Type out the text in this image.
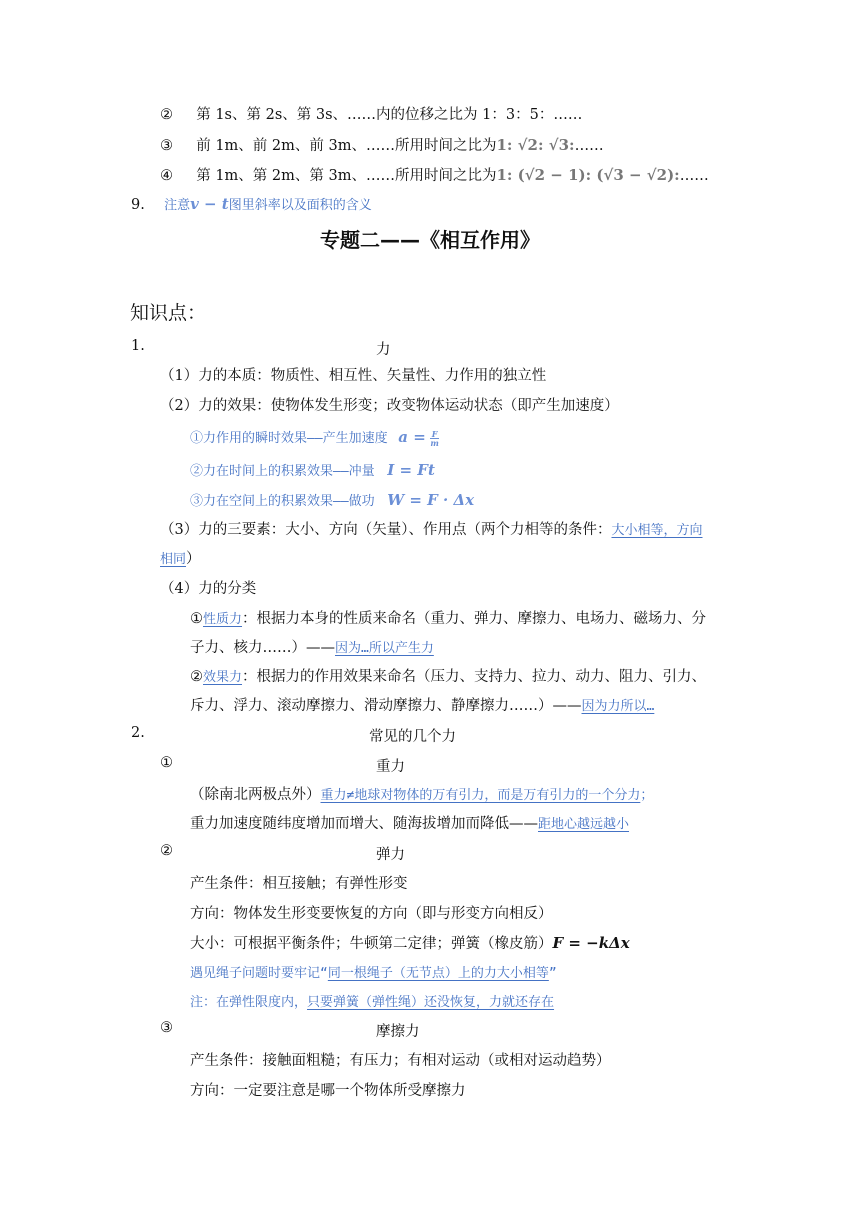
② 第 1s、第 2s、第 3s、……内的位移之比为 1：3：5：……
③ 前 1m、前 2m、前 3m、……所用时间之比为1: √2: √3:……
④ 第 1m、第 2m、第 3m、……所用时间之比为1: (√2 − 1): (√3 − √2):……
9. 注意v − t图里斜率以及面积的含义
专题二——《相互作用》
知识点：
1.	力
（1）力的本质：物质性、相互性、矢量性、力作用的独立性
（2）力的效果：使物体发生形变；改变物体运动状态（即产生加速度）
①力作用的瞬时效果——产生加速度 $a = \frac{F}{m}$
②力在时间上的积累效果——冲量 I = Ft
③力在空间上的积累效果——做功 W = F · Δx
（3）力的三要素：大小、方向（矢量）、作用点（两个力相等的条件：大小相等，方向
相同）
（4）力的分类
①性质力：根据力本身的性质来命名（重力、弹力、摩擦力、电场力、磁场力、分
子力、核力……）——因为…所以产生力
②效果力：根据力的作用效果来命名（压力、支持力、拉力、动力、阻力、引力、
斥力、浮力、滚动摩擦力、滑动摩擦力、静摩擦力……）——因为力所以…
2.	常见的几个力
①	重力
（除南北两极点外）重力≠地球对物体的万有引力，而是万有引力的一个分力；
重力加速度随纬度增加而增大、随海拔增加而降低——距地心越远越小
②	弹力
产生条件：相互接触；有弹性形变
方向：物体发生形变要恢复的方向（即与形变方向相反）
大小：可根据平衡条件；牛顿第二定律；弹簧（橡皮筋）F = −kΔx
遇见绳子问题时要牢记“同一根绳子（无节点）上的力大小相等”
注：在弹性限度内，只要弹簧（弹性绳）还没恢复，力就还存在
③	摩擦力
产生条件：接触面粗糙；有压力；有相对运动（或相对运动趋势）
方向：一定要注意是哪一个物体所受摩擦力
